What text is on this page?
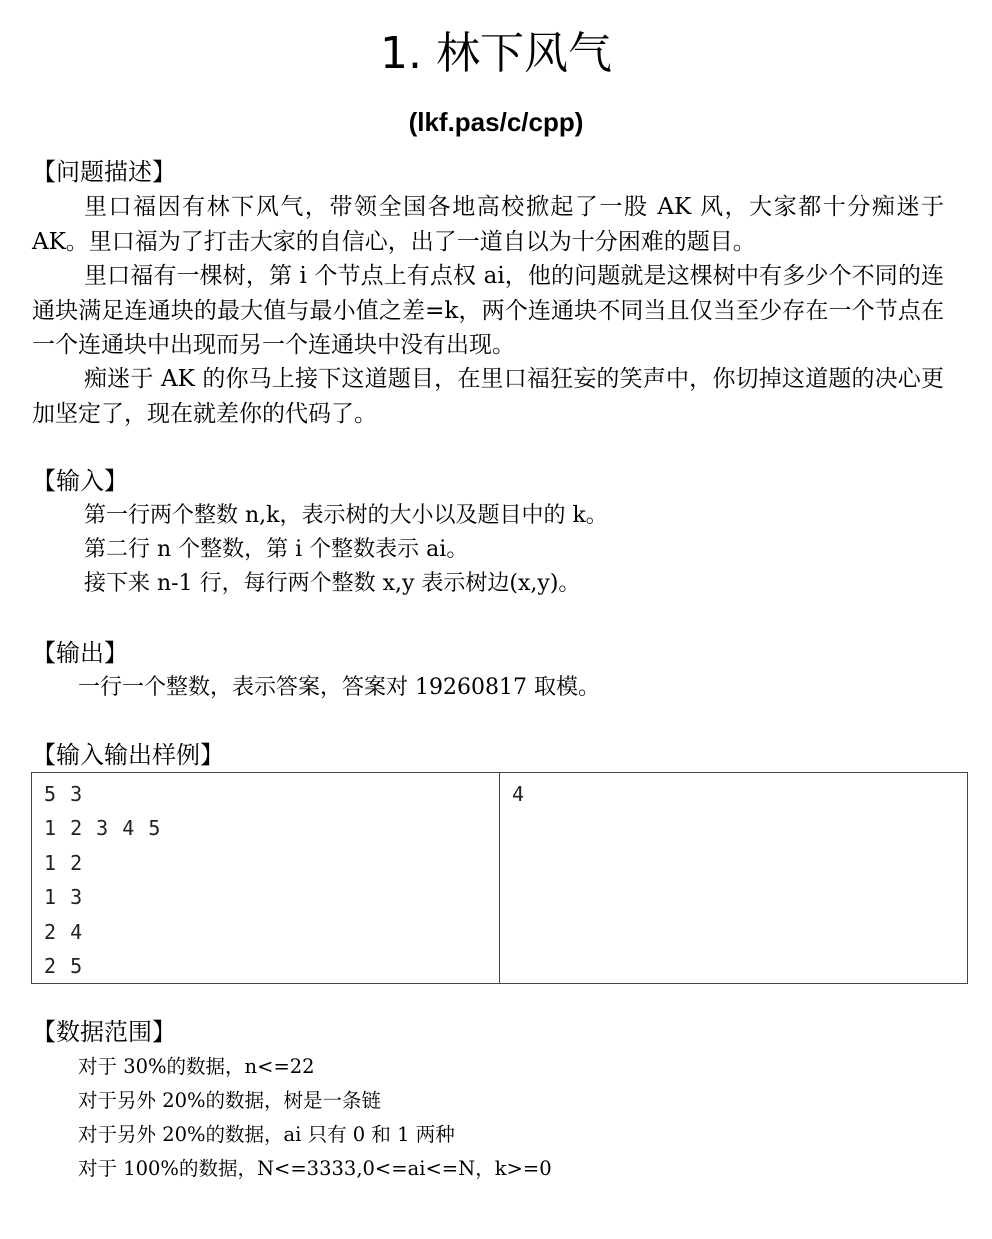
1. 林下风气
(lkf.pas/c/cpp)
【问题描述】
里口福因有林下风气，带领全国各地高校掀起了一股 AK 风，大家都十分痴迷于 AK。里口福为了打击大家的自信心，出了一道自以为十分困难的题目。
里口福有一棵树，第 i 个节点上有点权 ai，他的问题就是这棵树中有多少个不同的连通块满足连通块的最大值与最小值之差=k，两个连通块不同当且仅当至少存在一个节点在一个连通块中出现而另一个连通块中没有出现。
痴迷于 AK 的你马上接下这道题目，在里口福狂妄的笑声中，你切掉这道题的决心更加坚定了，现在就差你的代码了。
【输入】
第一行两个整数 n,k，表示树的大小以及题目中的 k。
第二行 n 个整数，第 i 个整数表示 ai。
接下来 n-1 行，每行两个整数 x,y 表示树边(x,y)。
【输出】
一行一个整数，表示答案，答案对 19260817 取模。
【输入输出样例】
5 3
1 2 3 4 5
1 2
1 3
2 4
2 5

4
【数据范围】
对于 30%的数据，n<=22
对于另外 20%的数据，树是一条链
对于另外 20%的数据，ai 只有 0 和 1 两种
对于 100%的数据，N<=3333,0<=ai<=N，k>=0
